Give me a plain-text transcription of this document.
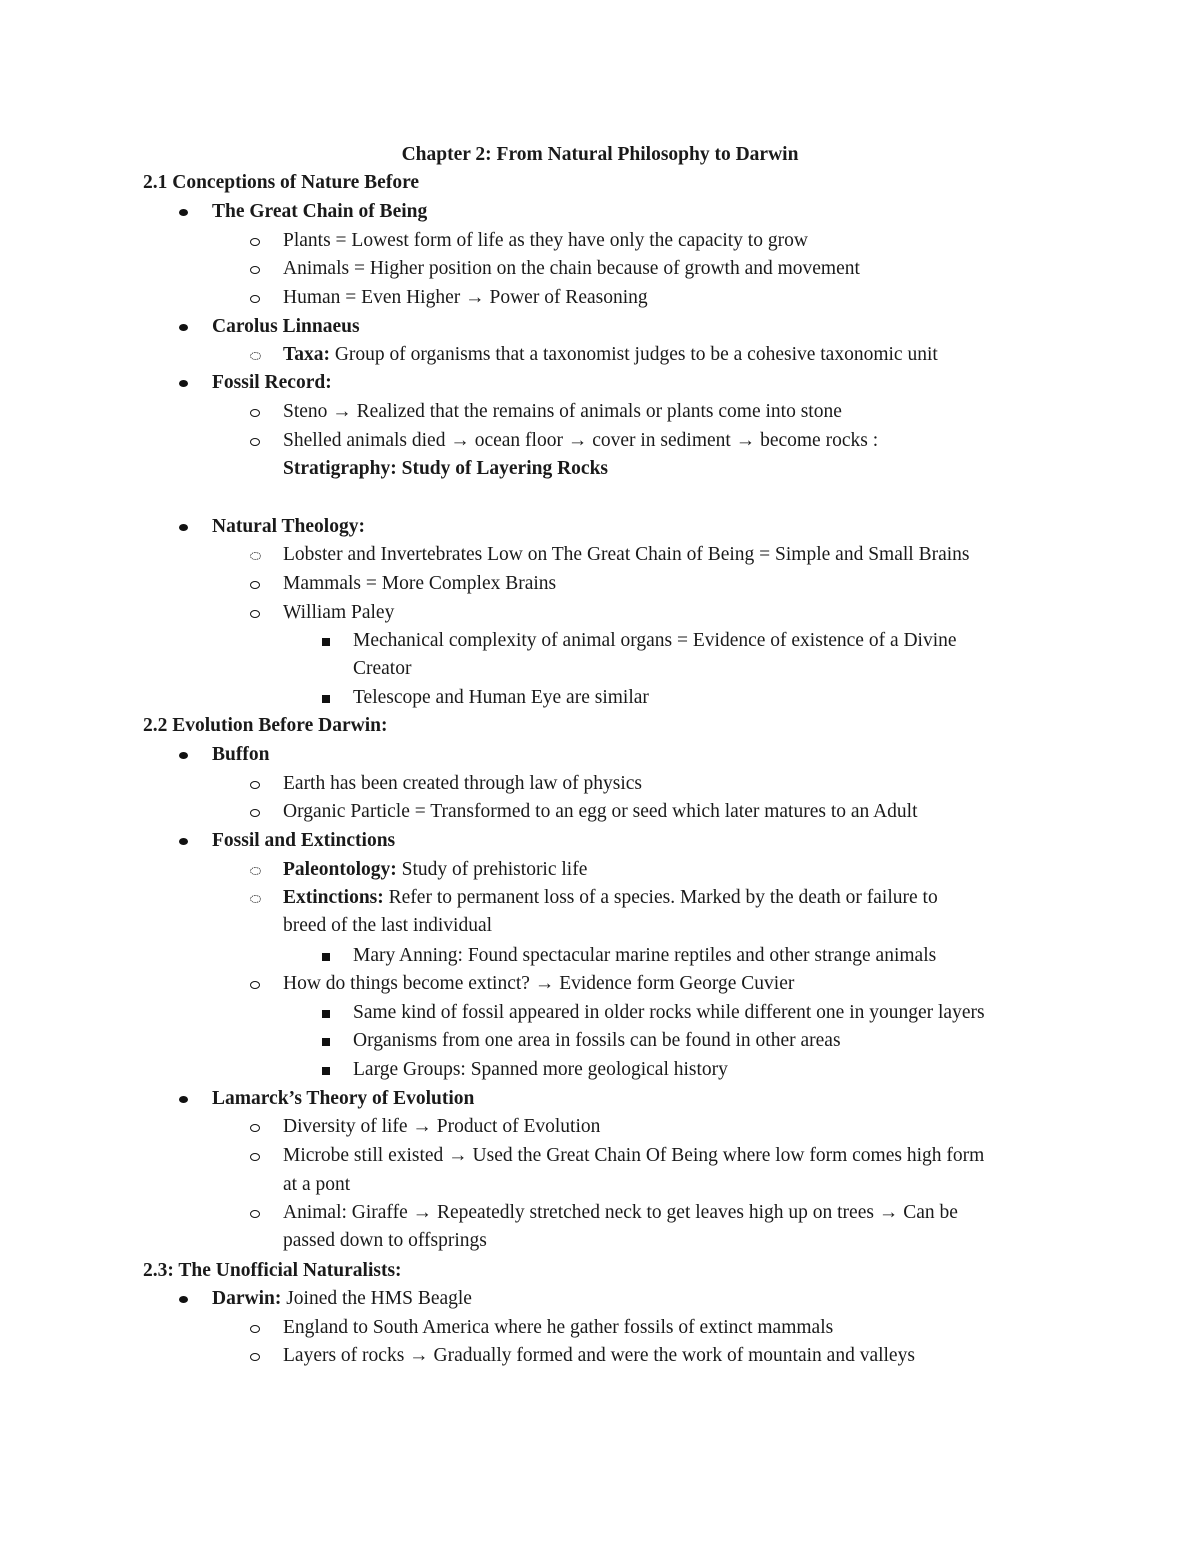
Chapter 2: From Natural Philosophy to Darwin
2.1 Conceptions of Nature Before
The Great Chain of Being
Plants = Lowest form of life as they have only the capacity to grow
Animals = Higher position on the chain because of growth and movement
Human = Even Higher → Power of Reasoning
Carolus Linnaeus
Taxa: Group of organisms that a taxonomist judges to be a cohesive taxonomic unit
Fossil Record:
Steno → Realized that the remains of animals or plants come into stone
Shelled animals died → ocean floor → cover in sediment → become rocks :
Stratigraphy: Study of Layering Rocks
Natural Theology:
Lobster and Invertebrates Low on The Great Chain of Being = Simple and Small Brains
Mammals = More Complex Brains
William Paley
Mechanical complexity of animal organs = Evidence of existence of a Divine
Creator
Telescope and Human Eye are similar
2.2 Evolution Before Darwin:
Buffon
Earth has been created through law of physics
Organic Particle = Transformed to an egg or seed which later matures to an Adult
Fossil and Extinctions
Paleontology: Study of prehistoric life
Extinctions: Refer to permanent loss of a species. Marked by the death or failure to
breed of the last individual
Mary Anning: Found spectacular marine reptiles and other strange animals
How do things become extinct? → Evidence form George Cuvier
Same kind of fossil appeared in older rocks while different one in younger layers
Organisms from one area in fossils can be found in other areas
Large Groups: Spanned more geological history
Lamarck’s Theory of Evolution
Diversity of life → Product of Evolution
Microbe still existed → Used the Great Chain Of Being where low form comes high form
at a pont
Animal: Giraffe → Repeatedly stretched neck to get leaves high up on trees → Can be
passed down to offsprings
2.3: The Unofficial Naturalists:
Darwin: Joined the HMS Beagle
England to South America where he gather fossils of extinct mammals
Layers of rocks → Gradually formed and were the work of mountain and valleys
